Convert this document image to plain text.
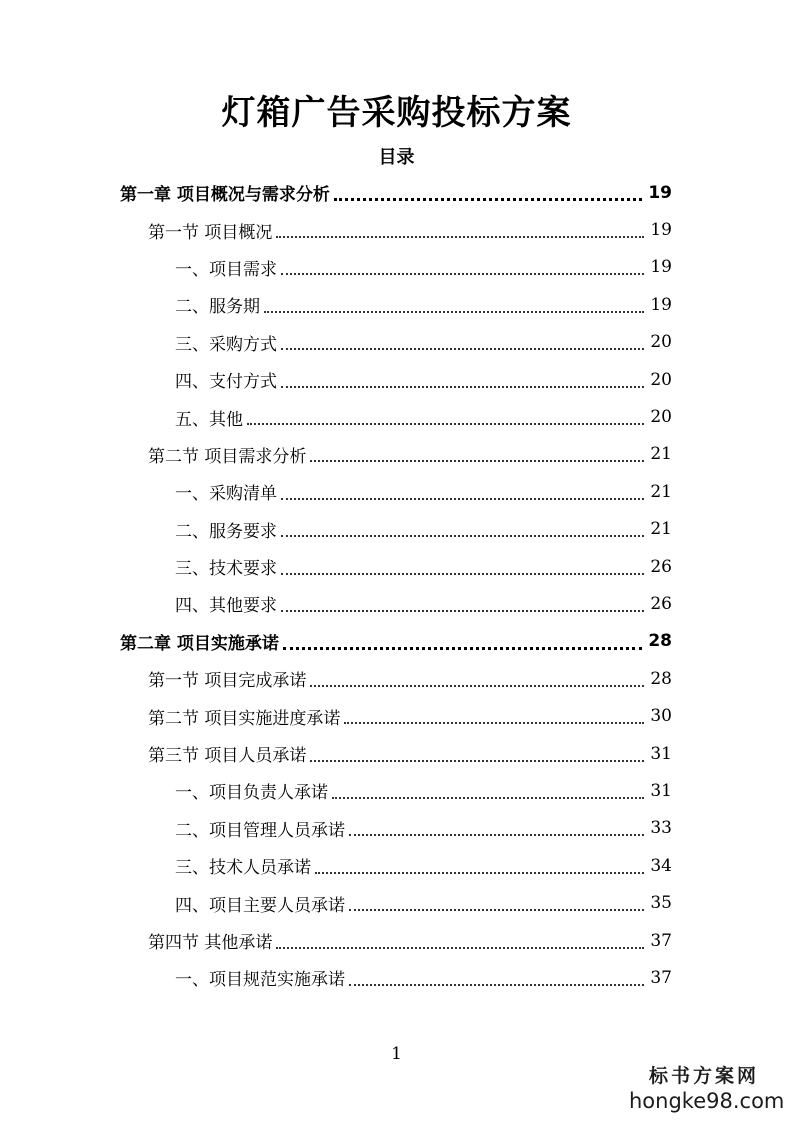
灯箱广告采购投标方案
目录
第一章 项目概况与需求分析	19
第一节 项目概况	19
一、项目需求	19
二、服务期	19
三、采购方式	20
四、支付方式	20
五、其他	20
第二节 项目需求分析	21
一、采购清单	21
二、服务要求	21
三、技术要求	26
四、其他要求	26
第二章 项目实施承诺	28
第一节 项目完成承诺	28
第二节 项目实施进度承诺	30
第三节 项目人员承诺	31
一、项目负责人承诺	31
二、项目管理人员承诺	33
三、技术人员承诺	34
四、项目主要人员承诺	35
第四节 其他承诺	37
一、项目规范实施承诺	37
1
标书方案网
hongke98.com
